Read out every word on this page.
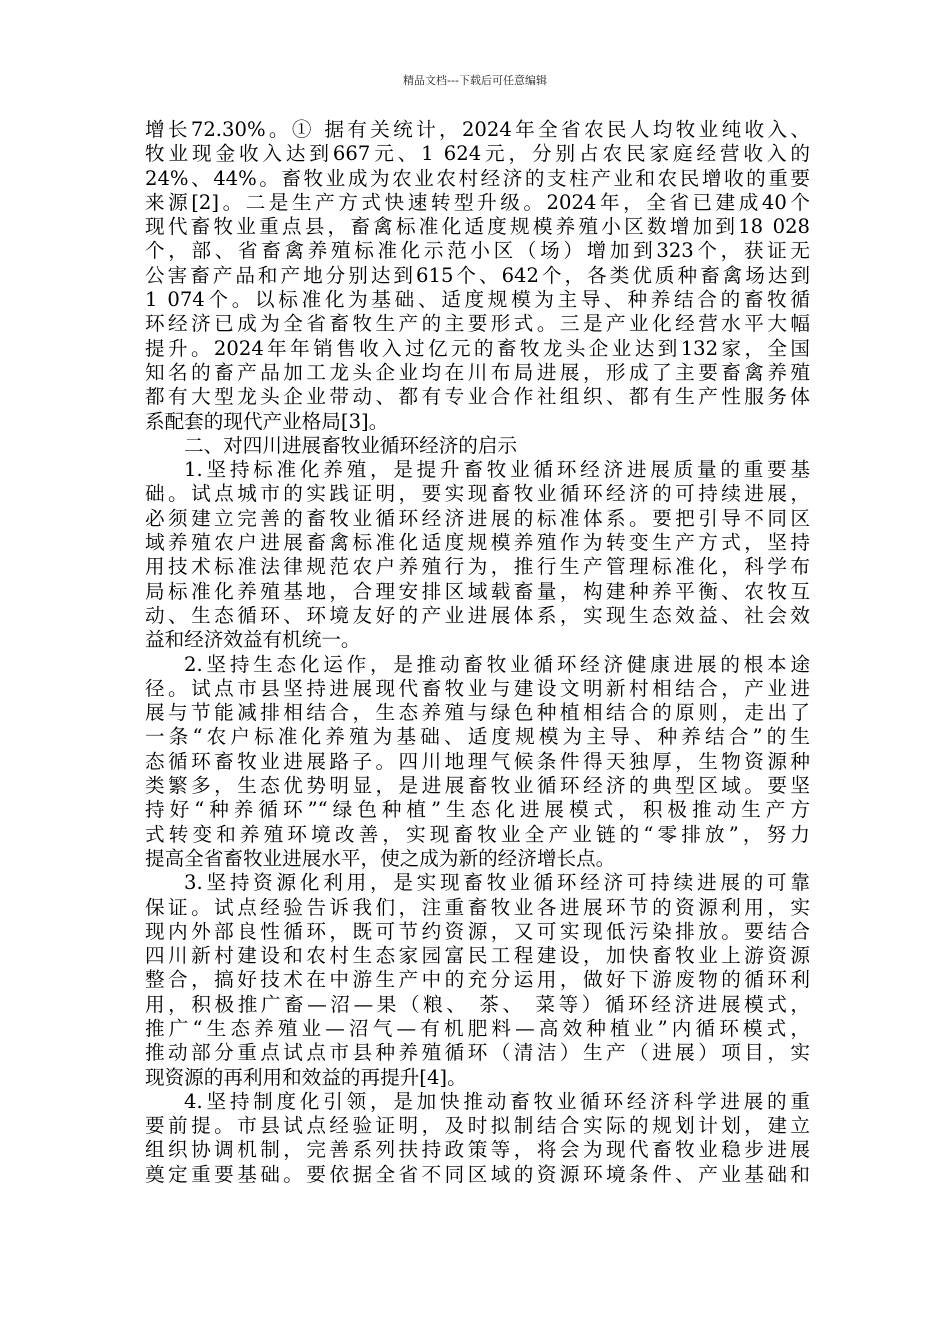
精品文档---下载后可任意编辑
增长72.30%。① 据有关统计，2024年全省农民人均牧业纯收入、
牧业现金收入达到667元、1 624元，分别占农民家庭经营收入的
24%、44%。畜牧业成为农业农村经济的支柱产业和农民增收的重要
来源[2]。二是生产方式快速转型升级。2024年，全省已建成40个
现代畜牧业重点县，畜禽标准化适度规模养殖小区数增加到18 028
个，部、省畜禽养殖标准化示范小区（场）增加到323个，获证无
公害畜产品和产地分别达到615个、642个，各类优质种畜禽场达到
1 074个。以标准化为基础、适度规模为主导、种养结合的畜牧循
环经济已成为全省畜牧生产的主要形式。三是产业化经营水平大幅
提升。2024年年销售收入过亿元的畜牧龙头企业达到132家，全国
知名的畜产品加工龙头企业均在川布局进展，形成了主要畜禽养殖
都有大型龙头企业带动、都有专业合作社组织、都有生产性服务体
系配套的现代产业格局[3]。
二、对四川进展畜牧业循环经济的启示
1.坚持标准化养殖，是提升畜牧业循环经济进展质量的重要基
础。试点城市的实践证明，要实现畜牧业循环经济的可持续进展，
必须建立完善的畜牧业循环经济进展的标准体系。要把引导不同区
域养殖农户进展畜禽标准化适度规模养殖作为转变生产方式，坚持
用技术标准法律规范农户养殖行为，推行生产管理标准化，科学布
局标准化养殖基地，合理安排区域载畜量，构建种养平衡、农牧互
动、生态循环、环境友好的产业进展体系，实现生态效益、社会效
益和经济效益有机统一。
2.坚持生态化运作，是推动畜牧业循环经济健康进展的根本途
径。试点市县坚持进展现代畜牧业与建设文明新村相结合，产业进
展与节能减排相结合，生态养殖与绿色种植相结合的原则，走出了
一条“农户标准化养殖为基础、适度规模为主导、种养结合”的生
态循环畜牧业进展路子。四川地理气候条件得天独厚，生物资源种
类繁多，生态优势明显，是进展畜牧业循环经济的典型区域。要坚
持好“种养循环”“绿色种植”生态化进展模式，积极推动生产方
式转变和养殖环境改善，实现畜牧业全产业链的“零排放”，努力
提高全省畜牧业进展水平，使之成为新的经济增长点。
3.坚持资源化利用，是实现畜牧业循环经济可持续进展的可靠
保证。试点经验告诉我们，注重畜牧业各进展环节的资源利用，实
现内外部良性循环，既可节约资源，又可实现低污染排放。要结合
四川新村建设和农村生态家园富民工程建设，加快畜牧业上游资源
整合，搞好技术在中游生产中的充分运用，做好下游废物的循环利
用，积极推广畜—沼—果（粮、 茶、 菜等）循环经济进展模式，
推广“生态养殖业—沼气—有机肥料—高效种植业”内循环模式，
推动部分重点试点市县种养殖循环（清洁）生产（进展）项目，实
现资源的再利用和效益的再提升[4]。
4.坚持制度化引领，是加快推动畜牧业循环经济科学进展的重
要前提。市县试点经验证明，及时拟制结合实际的规划计划，建立
组织协调机制，完善系列扶持政策等，将会为现代畜牧业稳步进展
奠定重要基础。要依据全省不同区域的资源环境条件、产业基础和
